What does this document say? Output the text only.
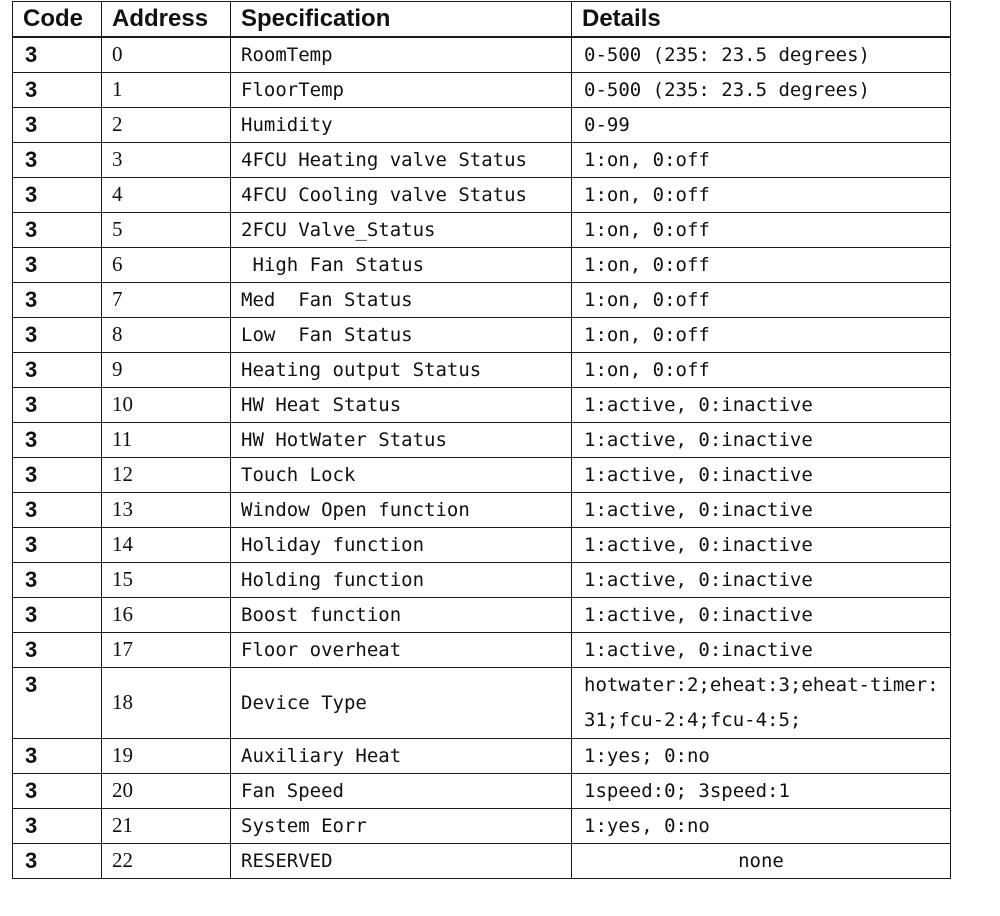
Code	Address	Specification	Details
3	0	RoomTemp	0-500 (235: 23.5 degrees)
3	1	FloorTemp	0-500 (235: 23.5 degrees)
3	2	Humidity	0-99
3	3	4FCU Heating valve Status	1:on, 0:off
3	4	4FCU Cooling valve Status	1:on, 0:off
3	5	2FCU Valve_Status	1:on, 0:off
3	6	High Fan Status	1:on, 0:off
3	7	Med  Fan Status	1:on, 0:off
3	8	Low  Fan Status	1:on, 0:off
3	9	Heating output Status	1:on, 0:off
3	10	HW Heat Status	1:active, 0:inactive
3	11	HW HotWater Status	1:active, 0:inactive
3	12	Touch Lock	1:active, 0:inactive
3	13	Window Open function	1:active, 0:inactive
3	14	Holiday function	1:active, 0:inactive
3	15	Holding function	1:active, 0:inactive
3	16	Boost function	1:active, 0:inactive
3	17	Floor overheat	1:active, 0:inactive
3	18	Device Type	hotwater:2;eheat:3;eheat-timer:31;fcu-2:4;fcu-4:5;
3	19	Auxiliary Heat	1:yes; 0:no
3	20	Fan Speed	1speed:0; 3speed:1
3	21	System Eorr	1:yes, 0:no
3	22	RESERVED	none
